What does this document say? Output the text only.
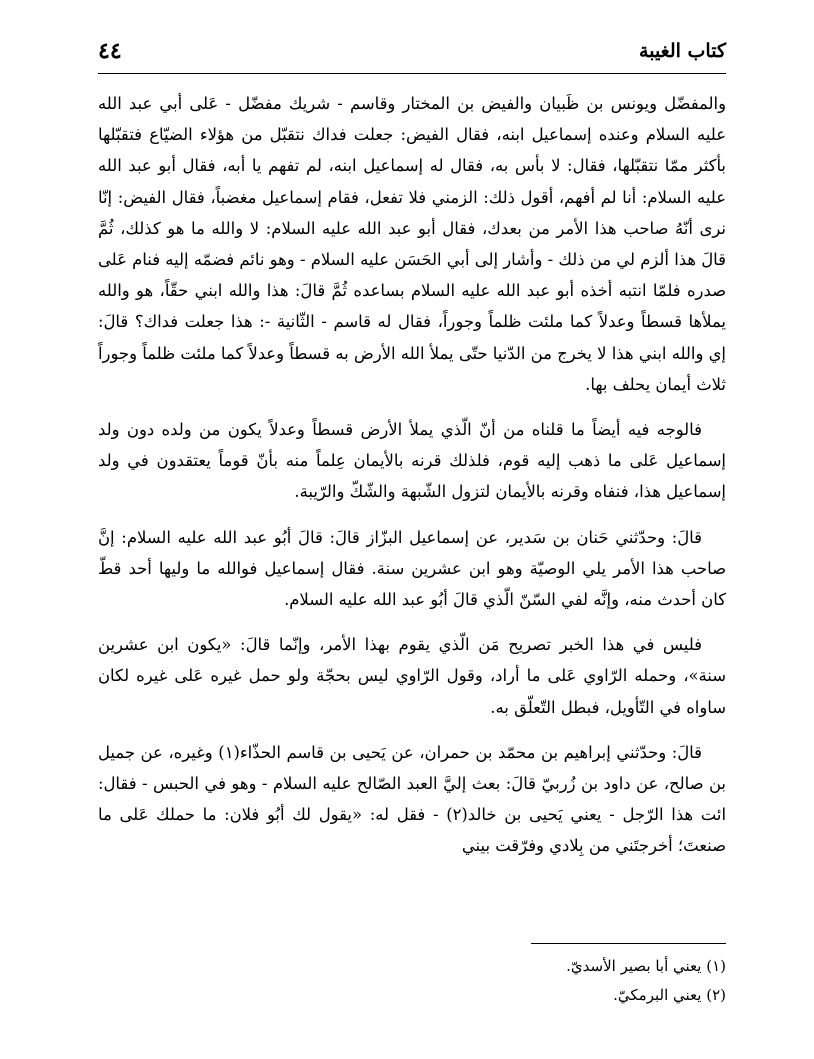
كتاب الغيبة
٤٤

والمفضّل ويونس بن ظَبيان والفيض بن المختار وقاسم - شريك مفضّل - عَلى أبي عبد الله عليه السلام وعنده إسماعيل ابنه، فقال الفيض: جعلت فداك نتقبّل من هؤلاء الضيّاع فتقبّلها بأكثر ممّا نتقبّلها، فقال: لا بأس به، فقال له إسماعيل ابنه، لم تفهم يا أبه، فقال أبو عبد الله عليه السلام: أنا لم أفهم، أقول ذلك: الزمني فلا تفعل، فقام إسماعيل مغضباً، فقال الفيض: إنّا نرى أنّهُ صاحب هذا الأمر من بعدك، فقال أبو عبد الله عليه السلام: لا والله ما هو كذلك، ثُمَّ قالَ هذا ألزم لي من ذلك - وأشار إلى أبي الحَسَن عليه السلام - وهو نائم فضمّه إليه فنام عَلى صدره فلمّا انتبه أخذه أبو عبد الله عليه السلام بساعده ثُمَّ قالَ: هذا والله ابني حقّاً، هو والله يملأها قسطاً وعدلاً كما ملئت ظلماً وجوراً، فقال له قاسم - الثّانية -: هذا جعلت فداك؟ قالَ: إي والله ابني هذا لا يخرج من الدّنيا حتّى يملأ الله الأرض به قسطاً وعدلاً كما ملئت ظلماً وجوراً ثلاث أيمان يحلف بها.

فالوجه فيه أيضاً ما قلناه من أنّ الّذي يملأ الأرض قسطاً وعدلاً يكون من ولده دون ولد إسماعيل عَلى ما ذهب إليه قوم، فلذلك قرنه بالأيمان عِلماً منه بأنّ قوماً يعتقدون في ولد إسماعيل هذا، فنفاه وقرنه بالأيمان لتزول الشّبهة والشّكّ والرّيبة.

قالَ: وحدّثني حَنان بن سَدير، عن إسماعيل البزّاز قالَ: قالَ أبُو عبد الله عليه السلام: إنَّ صاحب هذا الأمر يلي الوصيّة وهو ابن عشرين سنة. فقال إسماعيل فوالله ما وليها أحد قطّ كان أحدث منه، وإنَّه لفي السّنّ الّذي قالَ أبُو عبد الله عليه السلام.

فليس في هذا الخبر تصريح مَن الّذي يقوم بهذا الأمر، وإنّما قالَ: «يكون ابن عشرين سنة»، وحمله الرّاوي عَلى ما أراد، وقول الرّاوي ليس بحجّة ولو حمل غيره عَلى غيره لكان ساواه في التّأويل، فبطل التّعلّق به.

قالَ: وحدّثني إبراهيم بن محمّد بن حمران، عن يَحيى بن قاسم الحذّاء(١) وغيره، عن جميل بن صالح، عن داود بن زُربيّ قالَ: بعث إليَّ العبد الصّالح عليه السلام - وهو في الحبس - فقال: ائت هذا الرّجل - يعني يَحيى بن خالد(٢) - فقل له: «يقول لك أبُو فلان: ما حملك عَلى ما صنعتَ؛ أخرجتَني من بِلادي وفرّقت بيني

(١) يعني أبا بصير الأسديّ.
(٢) يعني البرمكيّ.
